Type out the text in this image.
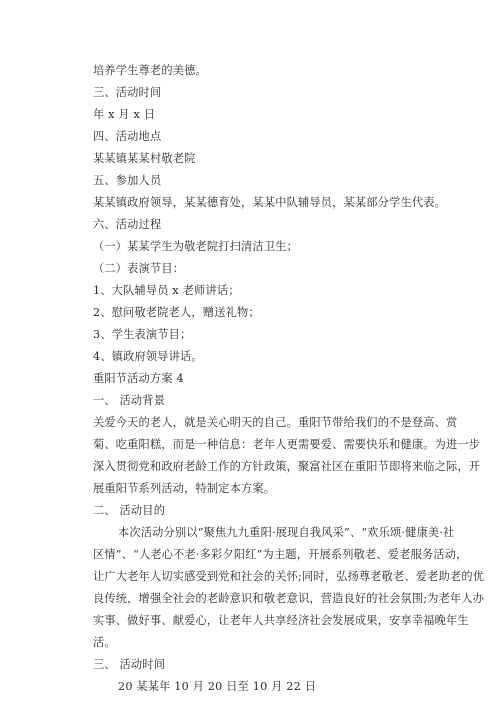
培养学生尊老的美德。
三、活动时间
年 x 月 x 日
四、活动地点
某某镇某某村敬老院
五、参加人员
某某镇政府领导，某某德育处，某某中队辅导员，某某部分学生代表。
六、活动过程
（一）某某学生为敬老院打扫清洁卫生；
（二）表演节目：
1、大队辅导员 x 老师讲话；
2、慰问敬老院老人，赠送礼物；
3、学生表演节目；
4、镇政府领导讲话。
重阳节活动方案 4
一、 活动背景
关爱今天的老人，就是关心明天的自己。重阳节带给我们的不是登高、赏
菊、吃重阳糕，而是一种信息：老年人更需要爱、需要快乐和健康。为进一步
深入贯彻党和政府老龄工作的方针政策，聚富社区在重阳节即将来临之际，开
展重阳节系列活动，特制定本方案。
二、 活动目的
本次活动分别以“聚焦九九重阳·展现自我风采”、“欢乐颂·健康美·社
区情”、“人老心不老·多彩夕阳红”为主题，开展系列敬老、爱老服务活动，
让广大老年人切实感受到党和社会的关怀;同时，弘扬尊老敬老、爱老助老的优
良传统，增强全社会的老龄意识和敬老意识，营造良好的社会氛围;为老年人办
实事、做好事、献爱心，让老年人共享经济社会发展成果，安享幸福晚年生
活。
三、 活动时间
20 某某年 10 月 20 日至 10 月 22 日
